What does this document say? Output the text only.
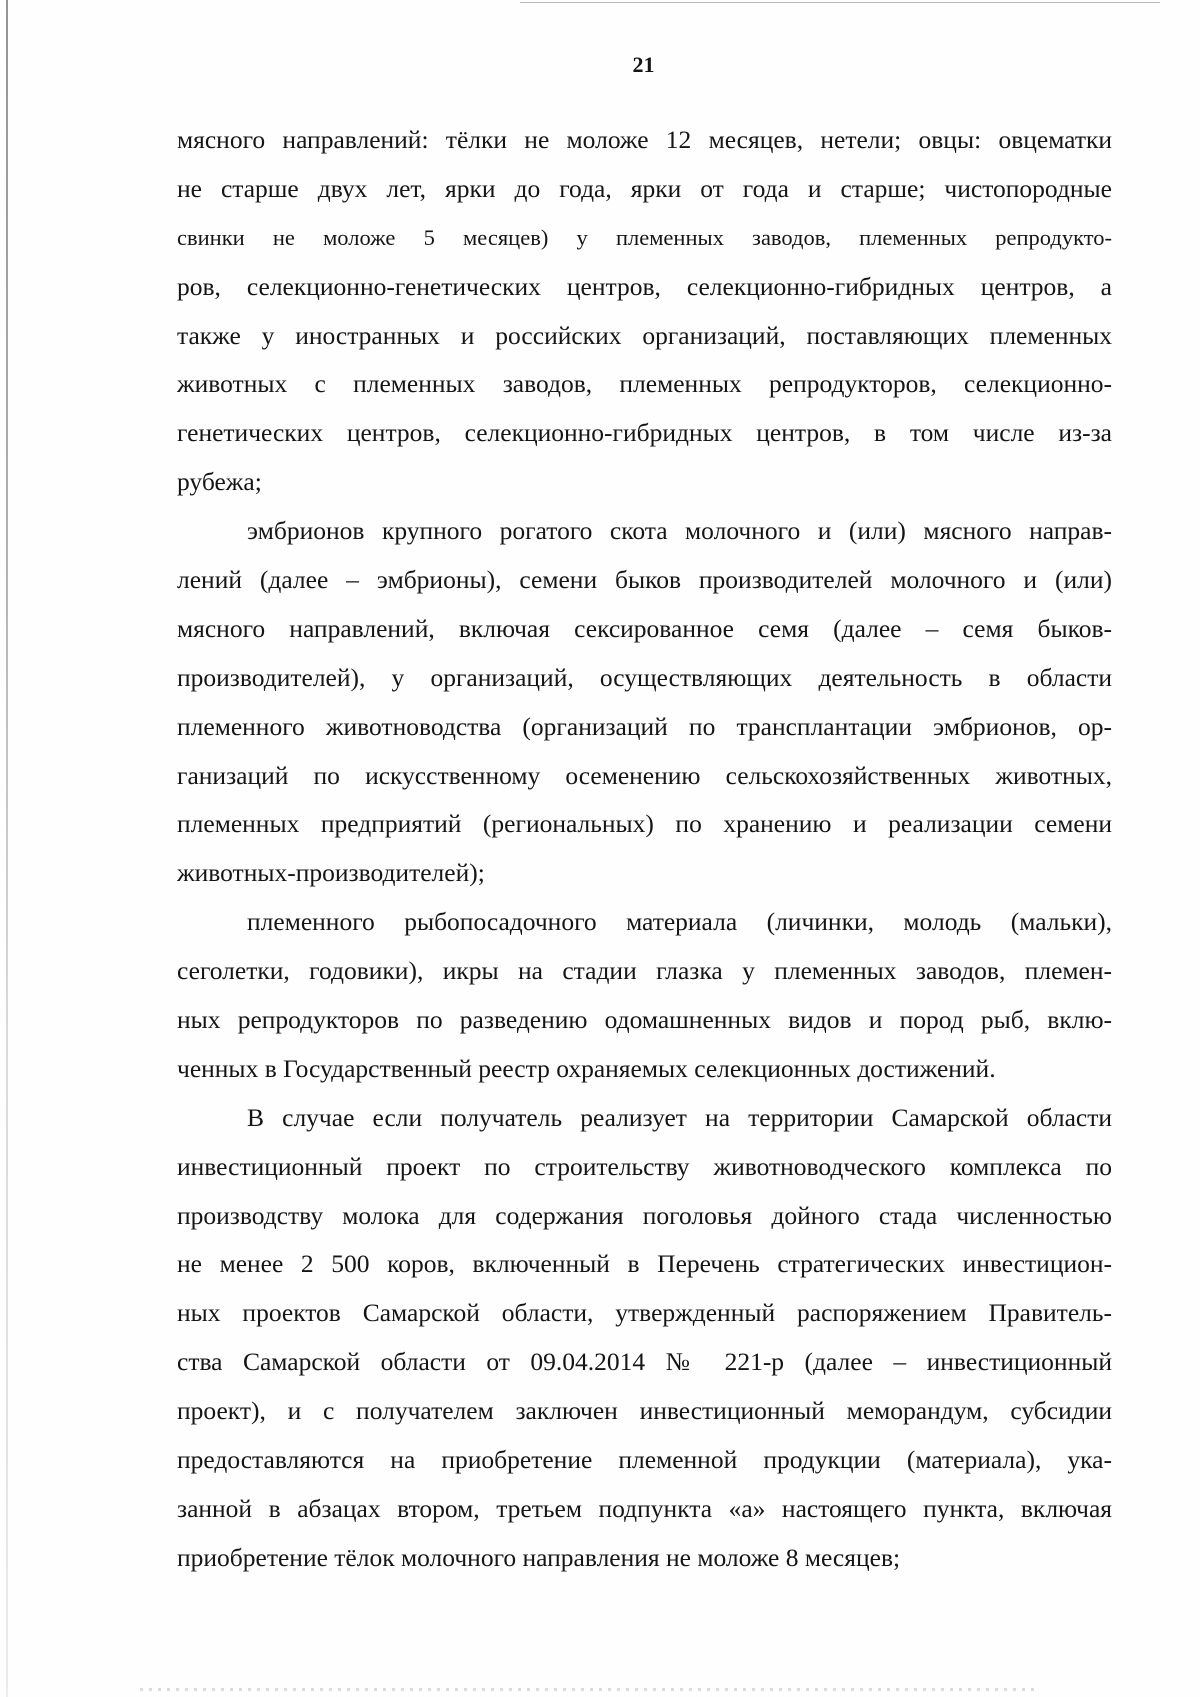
21
мясного направлений: тёлки не моложе 12 месяцев, нетели; овцы: овцематки
не старше двух лет, ярки до года, ярки от года и старше; чистопородные
свинки не моложе 5 месяцев) у племенных заводов, племенных репродукто-
ров, селекционно-генетических центров, селекционно-гибридных центров, а
также у иностранных и российских организаций, поставляющих племенных
животных с племенных заводов, племенных репродукторов, селекционно-
генетических центров, селекционно-гибридных центров, в том числе из-за
рубежа;
эмбрионов крупного рогатого скота молочного и (или) мясного направ-
лений (далее – эмбрионы), семени быков производителей молочного и (или)
мясного направлений, включая сексированное семя (далее – семя быков-
производителей), у организаций, осуществляющих деятельность в области
племенного животноводства (организаций по трансплантации эмбрионов, ор-
ганизаций по искусственному осеменению сельскохозяйственных животных,
племенных предприятий (региональных) по хранению и реализации семени
животных-производителей);
племенного рыбопосадочного материала (личинки, молодь (мальки),
сеголетки, годовики), икры на стадии глазка у племенных заводов, племен-
ных репродукторов по разведению одомашненных видов и пород рыб, вклю-
ченных в Государственный реестр охраняемых селекционных достижений.
В случае если получатель реализует на территории Самарской области
инвестиционный проект по строительству животноводческого комплекса по
производству молока для содержания поголовья дойного стада численностью
не менее 2 500 коров, включенный в Перечень стратегических инвестицион-
ных проектов Самарской области, утвержденный распоряжением Правитель-
ства Самарской области от 09.04.2014 № 221-р (далее – инвестиционный
проект), и с получателем заключен инвестиционный меморандум, субсидии
предоставляются на приобретение племенной продукции (материала), ука-
занной в абзацах втором, третьем подпункта «а» настоящего пункта, включая
приобретение тёлок молочного направления не моложе 8 месяцев;
